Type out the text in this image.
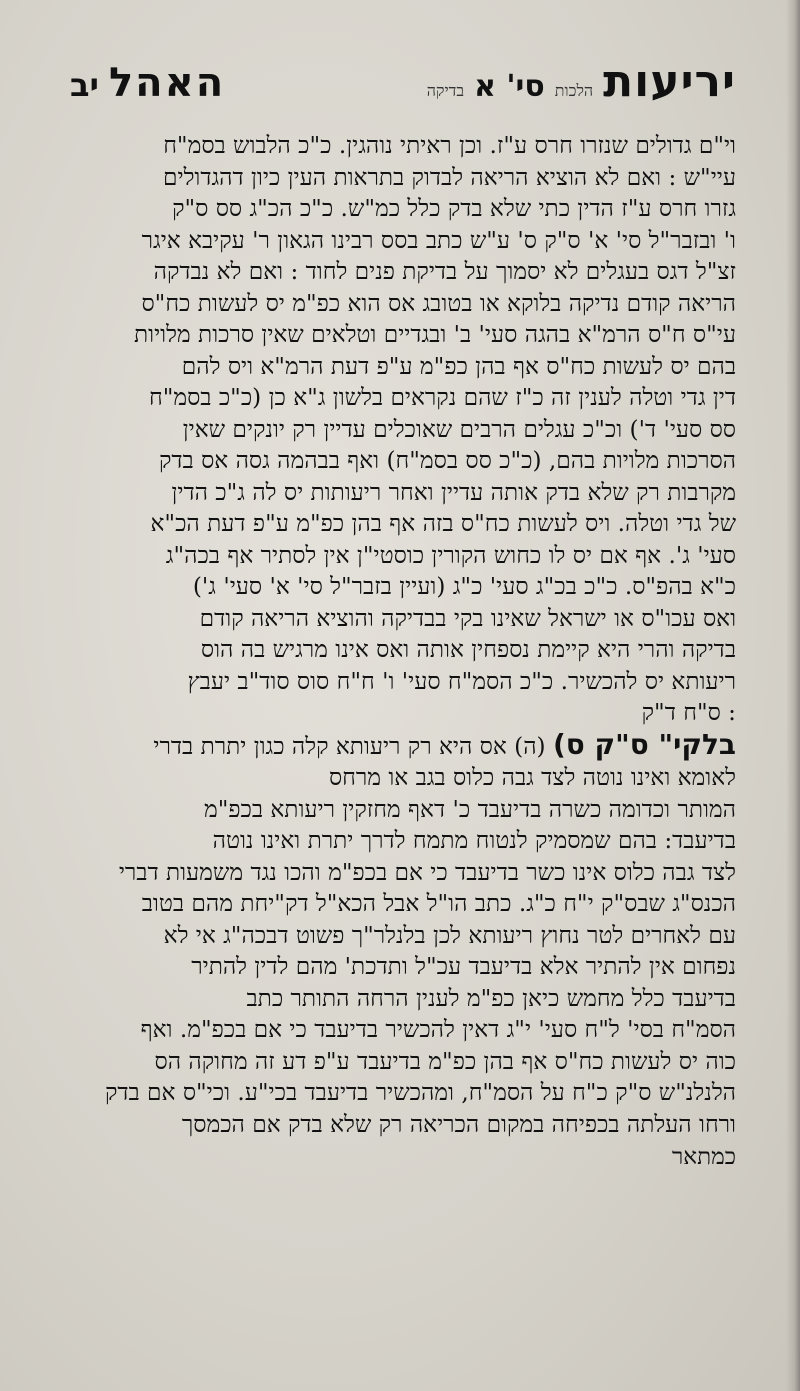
יריעות
הלכות
סי' א
בדיקה
האהל
יב
וי"ם גדולים שנזרו חרס ע"ז. וכן ראיתי נוהגין. כ"כ הלבוש בסמ"ח
עיי"ש : ואם לא הוציא הריאה לבדוק בתראות העין כיון דהגדולים
גזרו חרס ע"ז הדין כתי שלא בדק כלל כמ"ש. כ"כ הכ"ג סס ס"ק
ו' ובזבר"ל סי' א' ס"ק ס' ע"ש כתב בסס רבינו הגאון ר' עקיבא איגר
זצ"ל דגס בעגלים לא יסמוך על בדיקת פנים לחוד : ואם לא נבדקה
הריאה קודם נדיקה בלוקא או בטובג אס הוא כפ"מ יס לעשות כח"ס
עי"ס ח"ס הרמ"א בהגה סעי' ב' ובגדיים וטלאים שאין סרכות מלויות
בהם יס לעשות כח"ס אף בהן כפ"מ ע"פ דעת הרמ"א ויס להם
דין גדי וטלה לענין זה כ"ז שהם נקראים בלשון ג"א כן (כ"כ בסמ"ח
סס סעי' ד') וכ"כ עגלים הרבים שאוכלים עדיין רק יונקים שאין
הסרכות מלויות בהם, (כ"כ סס בסמ"ח) ואף בבהמה גסה אס בדק
מקרבות רק שלא בדק אותה עדיין ואחר ריעותות יס לה ג"כ הדין
של גדי וטלה. ויס לעשות כח"ס בזה אף בהן כפ"מ ע"פ דעת הכ"א
סעי' ג'. אף אם יס לו כחוש הקורין כוסטי"ן אין לסתיר אף בכה"ג
כ"א בהפ"ס. כ"כ בכ"ג סעי' כ"ג (ועיין בזבר"ל סי' א' סעי' ג')
ואס עכו"ס או ישראל שאינו בקי בבדיקה והוציא הריאה קודם
בדיקה והרי היא קיימת נספחין אותה ואס אינו מרגיש בה הוס
ריעותא יס להכשיר. כ"כ הסמ"ח סעי' ו' ח"ח סוס סוד"ב יעבץ
: ס"ח ד"ק
בלקי" ס"ק ס) (ה) אס היא רק ריעותא קלה כגון יתרת בדרי
לאומא ואינו נוטה לצד גבה כלוס בגב או מרחס
המותר וכדומה כשרה בדיעבד כ' דאף מחזקין ריעותא בכפ"מ
בדיעבד: בהם שמסמיק לנטוח מתמח לדרך יתרת ואינו נוטה
לצד גבה כלוס אינו כשר בדיעבד כי אם בכפ"מ והכו נגד משמעות דברי
הכנס"ג שבס"ק י"ח כ"ג. כתב הו"ל אבל הכא"ל דק"יחת מהם בטוב
עם לאחרים לטר נחוץ ריעותא לכן בלנלר"ך פשוט דבכה"ג אי לא
נפחום אין להתיר אלא בדיעבד עכ"ל ותדכת' מהם לדין להתיר
בדיעבד כלל מחמש כיאן כפ"מ לענין הרחה התותר כתב
הסמ"ח בסי' ל"ח סעי' י"ג דאין להכשיר בדיעבד כי אם בכפ"מ. ואף
כוה יס לעשות כח"ס אף בהן כפ"מ בדיעבד ע"פ דע זה מחוקה הס
הלנלנ"ש ס"ק כ"ח על הסמ"ח, ומהכשיר בדיעבד בכי"ע. וכי"ס אם בדק
ורחו העלתה בכפיחה במקום הכריאה רק שלא בדק אם הכמסך
כמתאר
